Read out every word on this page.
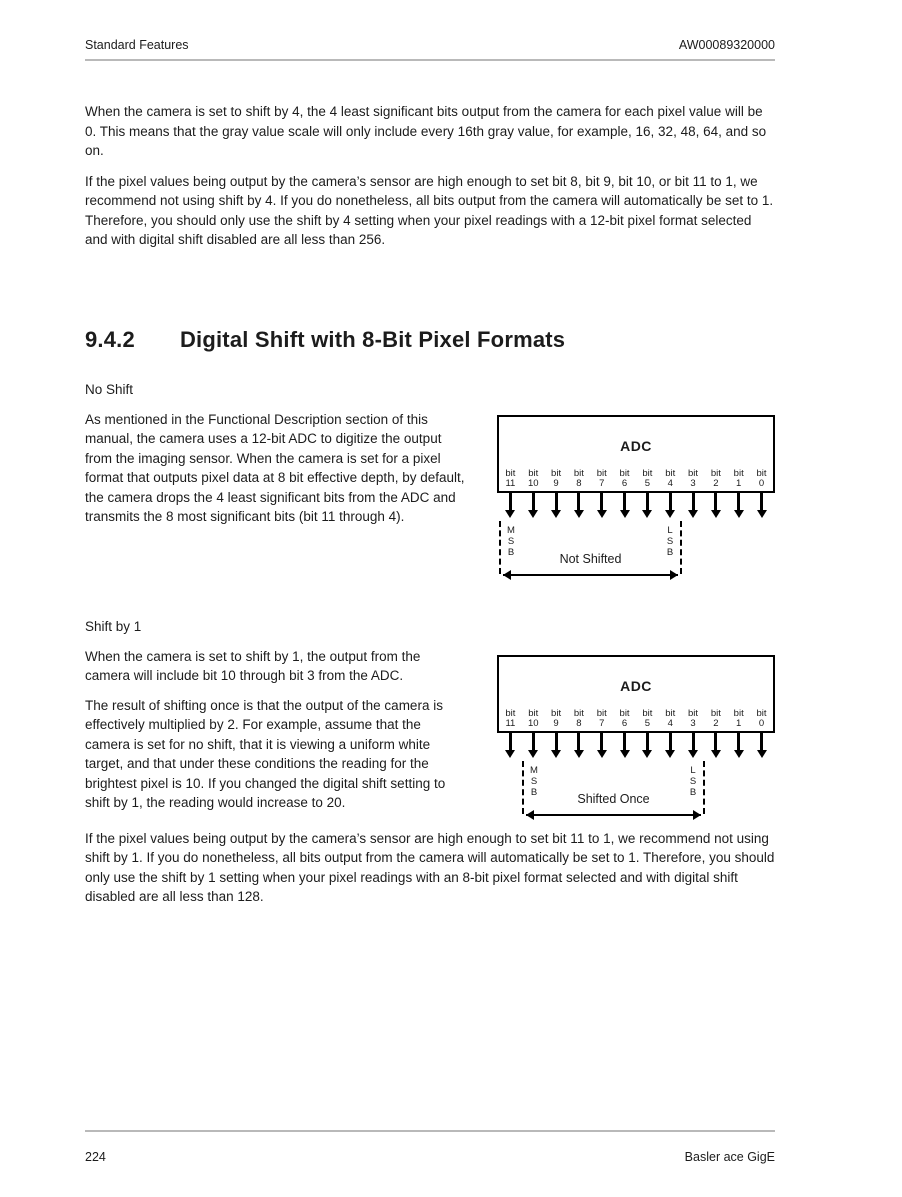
Standard Features	AW00089320000

When the camera is set to shift by 4, the 4 least significant bits output from the camera for each pixel value will be 0. This means that the gray value scale will only include every 16th gray value, for example, 16, 32, 48, 64, and so on.

If the pixel values being output by the camera’s sensor are high enough to set bit 8, bit 9, bit 10, or bit 11 to 1, we recommend not using shift by 4. If you do nonetheless, all bits output from the camera will automatically be set to 1. Therefore, you should only use the shift by 4 setting when your pixel readings with a 12-bit pixel format selected and with digital shift disabled are all less than 256.

9.4.2 Digital Shift with 8-Bit Pixel Formats
No Shift

As mentioned in the Functional Description section of this manual, the camera uses a 12-bit ADC to digitize the output from the imaging sensor. When the camera is set for a pixel format that outputs pixel data at 8 bit effective depth, by default, the camera drops the 4 least significant bits from the ADC and transmits the 8 most significant bits (bit 11 through 4).

ADC
bit
11
bit
10
bit
9
bit
8
bit
7
bit
6
bit
5
bit
4
bit
3
bit
2
bit
1
bit
0
MSB
LSB
Not Shifted
Shift by 1

When the camera is set to shift by 1, the output from the camera will include bit 10 through bit 3 from the ADC.

The result of shifting once is that the output of the camera is effectively multiplied by 2. For example, assume that the camera is set for no shift, that it is viewing a uniform white target, and that under these conditions the reading for the brightest pixel is 10. If you changed the digital shift setting to shift by 1, the reading would increase to 20.

ADC
bit
11
bit
10
bit
9
bit
8
bit
7
bit
6
bit
5
bit
4
bit
3
bit
2
bit
1
bit
0
MSB
LSB
Shifted Once

If the pixel values being output by the camera’s sensor are high enough to set bit 11 to 1, we recommend not using shift by 1. If you do nonetheless, all bits output from the camera will automatically be set to 1. Therefore, you should only use the shift by 1 setting when your pixel readings with an 8-bit pixel format selected and with digital shift disabled are all less than 128.

224	Basler ace GigE
